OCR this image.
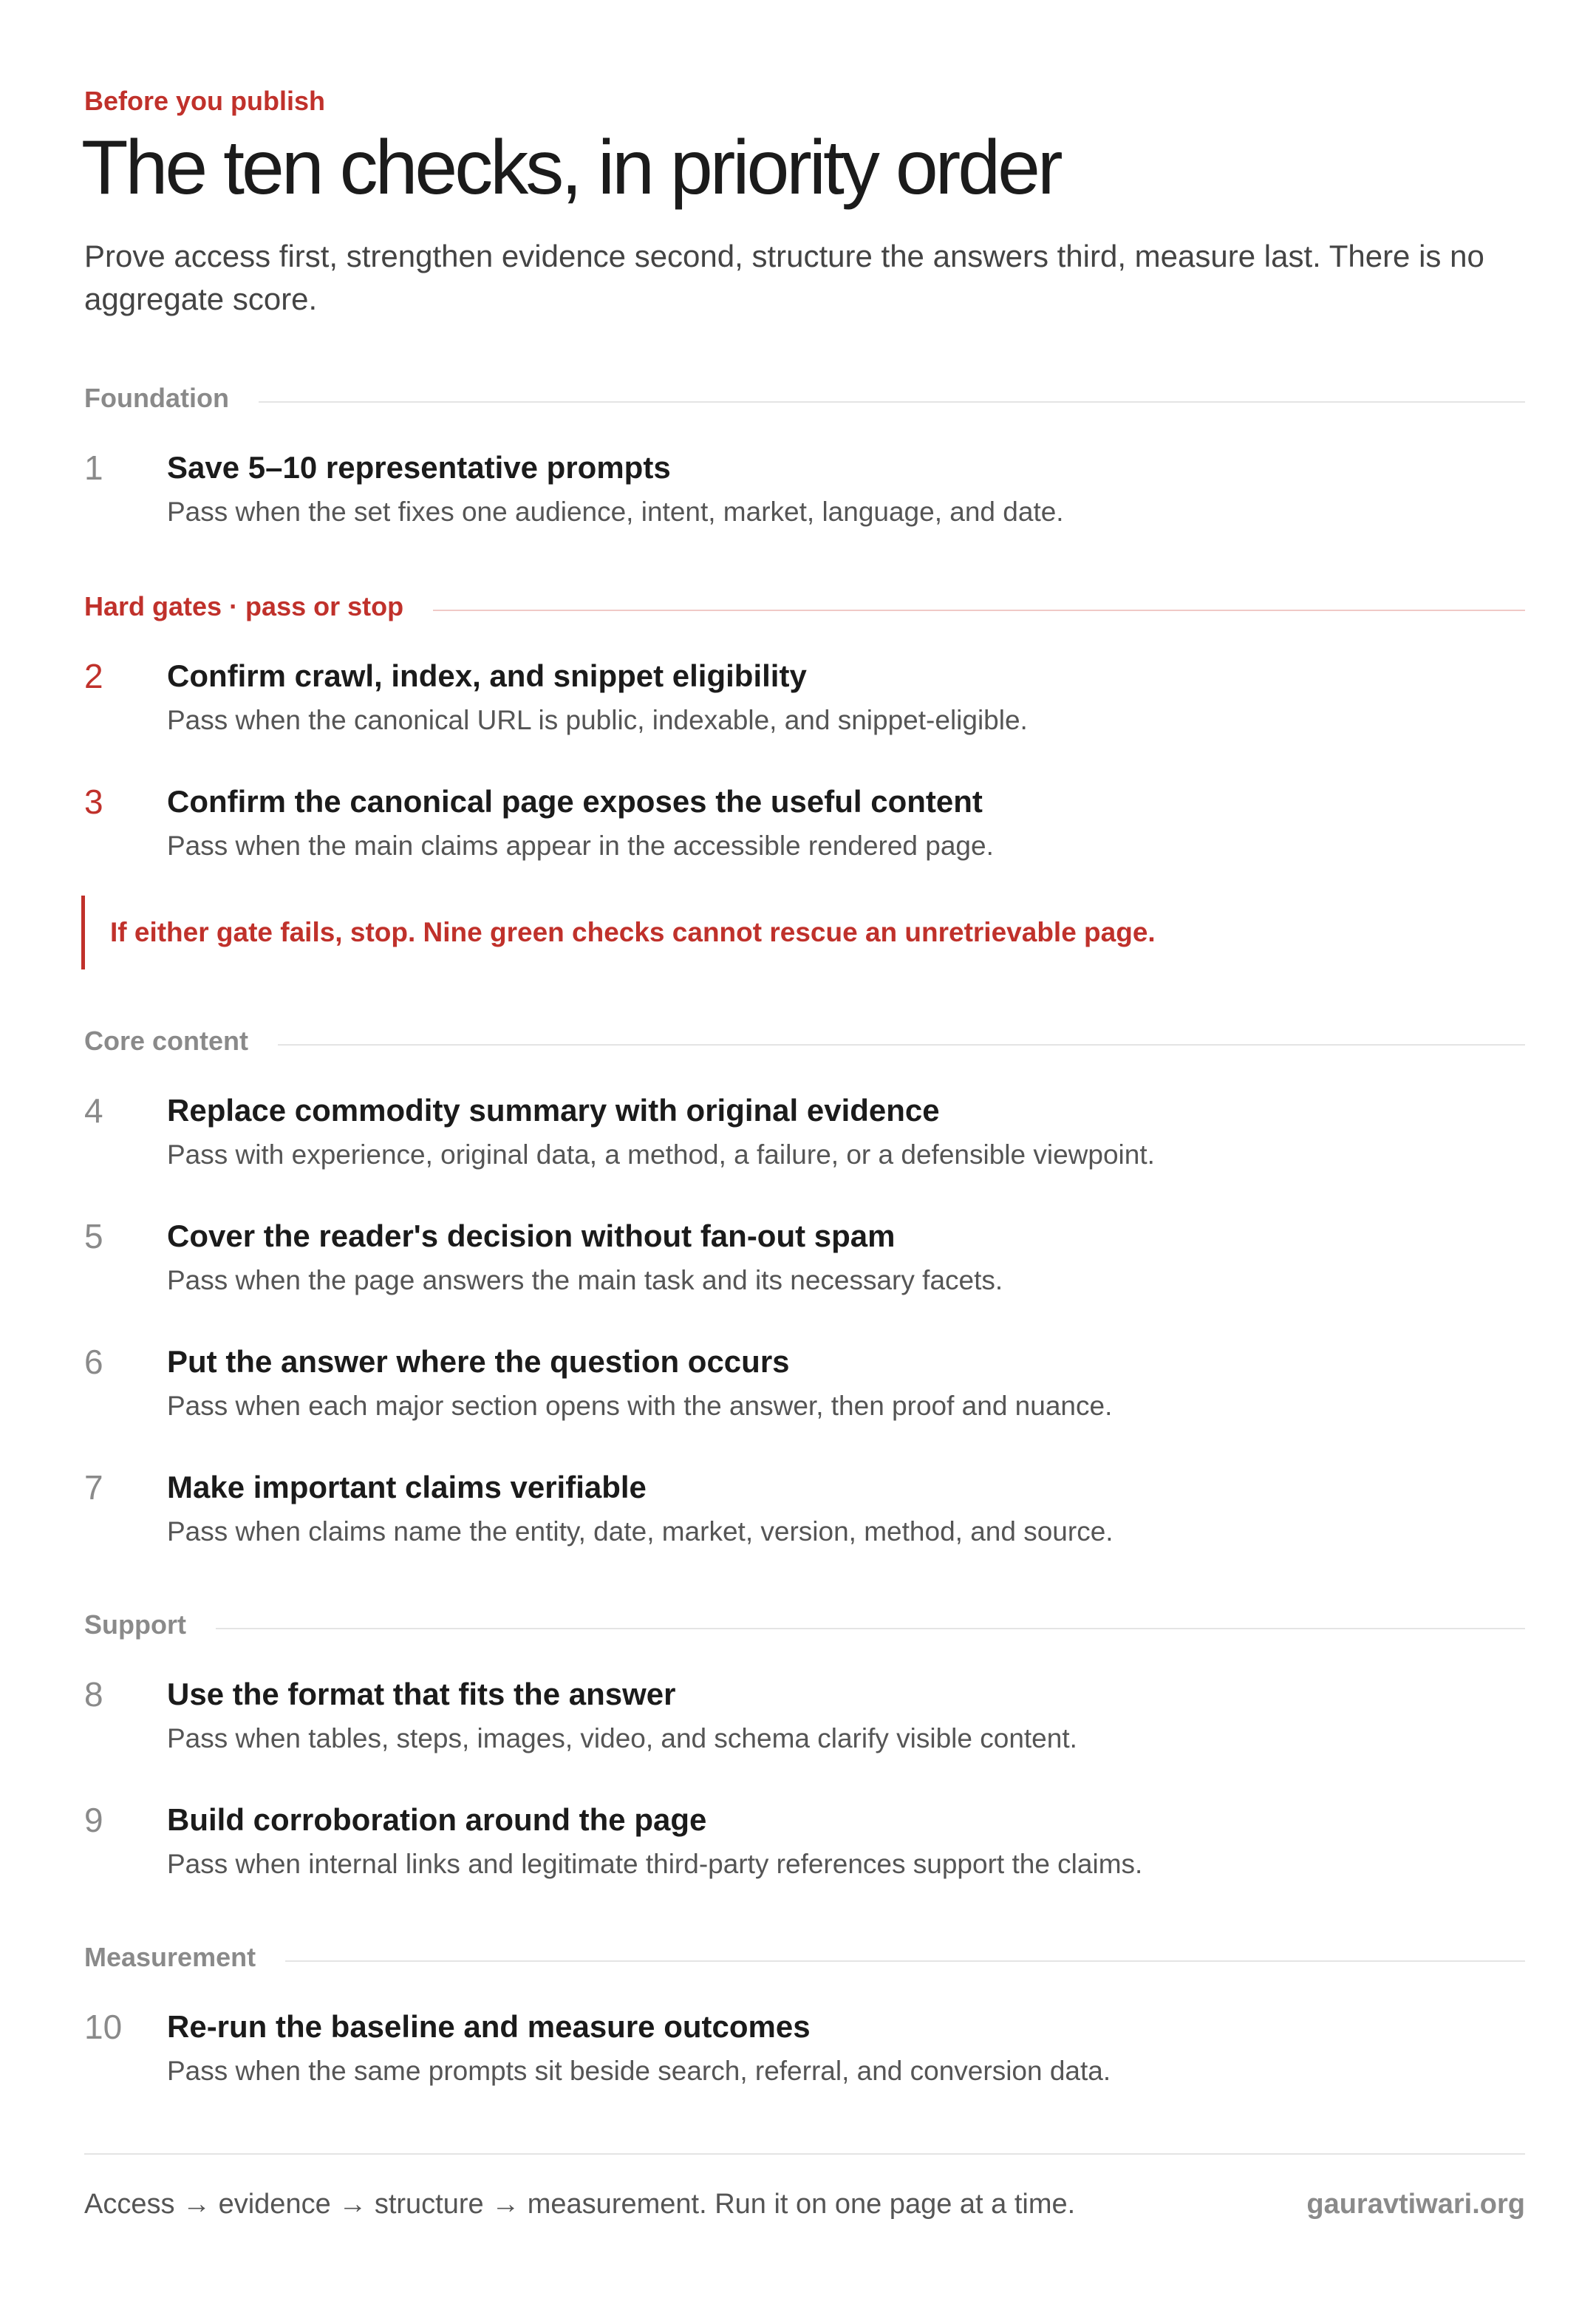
Before you publish

The ten checks, in priority order

Prove access first, strengthen evidence second, structure the answers third, measure last. There is no aggregate score.

Foundation
1 Save 5–10 representative prompts

Pass when the set fixes one audience, intent, market, language, and date.

Hard gates · pass or stop
2 Confirm crawl, index, and snippet eligibility

Pass when the canonical URL is public, indexable, and snippet-eligible.

3 Confirm the canonical page exposes the useful content

Pass when the main claims appear in the accessible rendered page.

If either gate fails, stop. Nine green checks cannot rescue an unretrievable page.
Core content
4 Replace commodity summary with original evidence

Pass with experience, original data, a method, a failure, or a defensible viewpoint.

5 Cover the reader's decision without fan-out spam

Pass when the page answers the main task and its necessary facets.

6 Put the answer where the question occurs

Pass when each major section opens with the answer, then proof and nuance.

7 Make important claims verifiable

Pass when claims name the entity, date, market, version, method, and source.

Support
8 Use the format that fits the answer

Pass when tables, steps, images, video, and schema clarify visible content.

9 Build corroboration around the page

Pass when internal links and legitimate third-party references support the claims.

Measurement
10 Re-run the baseline and measure outcomes

Pass when the same prompts sit beside search, referral, and conversion data.

Access → evidence → structure → measurement. Run it on one page at a time.	gauravtiwari.org
